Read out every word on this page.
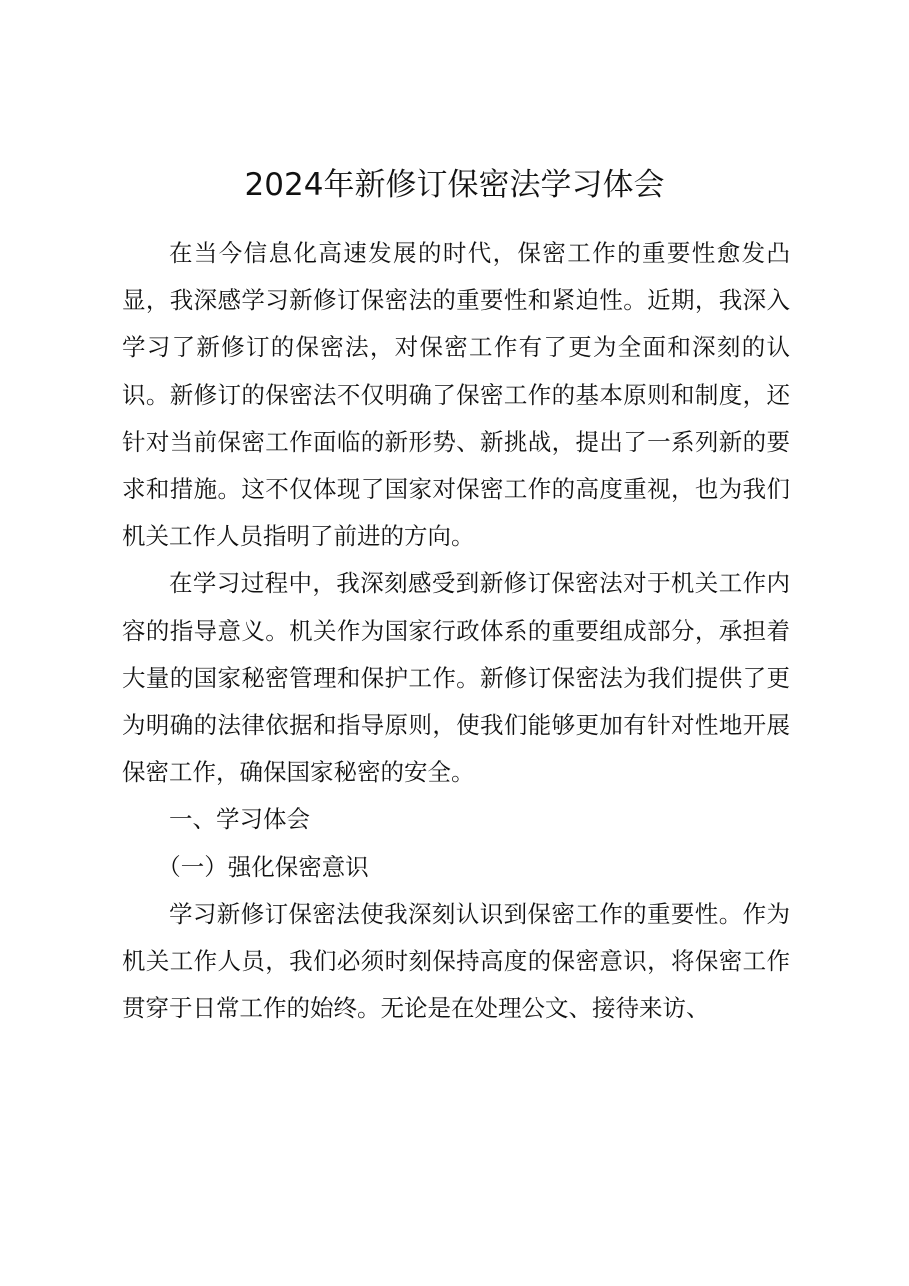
2024年新修订保密法学习体会

在当今信息化高速发展的时代，保密工作的重要性愈发凸显，我深感学习新修订保密法的重要性和紧迫性。近期，我深入学习了新修订的保密法，对保密工作有了更为全面和深刻的认识。新修订的保密法不仅明确了保密工作的基本原则和制度，还针对当前保密工作面临的新形势、新挑战，提出了一系列新的要求和措施。这不仅体现了国家对保密工作的高度重视，也为我们机关工作人员指明了前进的方向。

在学习过程中，我深刻感受到新修订保密法对于机关工作内容的指导意义。机关作为国家行政体系的重要组成部分，承担着大量的国家秘密管理和保护工作。新修订保密法为我们提供了更为明确的法律依据和指导原则，使我们能够更加有针对性地开展保密工作，确保国家秘密的安全。

一、学习体会

（一）强化保密意识

学习新修订保密法使我深刻认识到保密工作的重要性。作为机关工作人员，我们必须时刻保持高度的保密意识，将保密工作贯穿于日常工作的始终。无论是在处理公文、接待来访、
